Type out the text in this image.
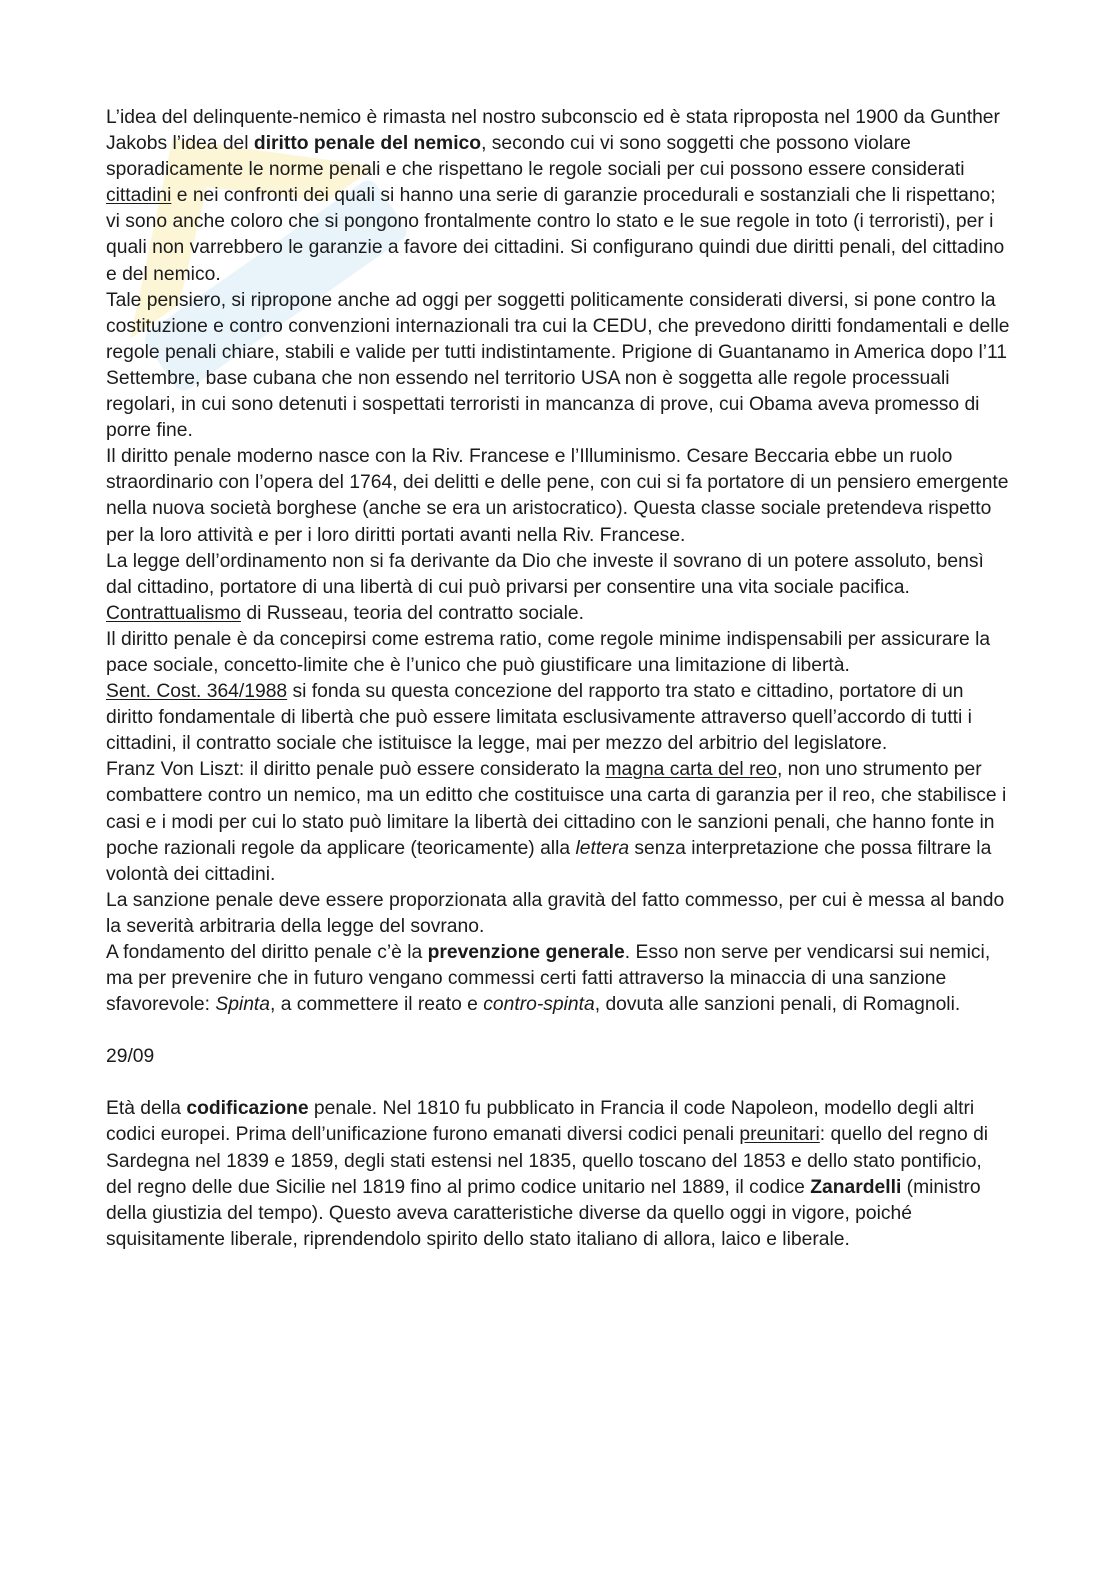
L’idea del delinquente-nemico è rimasta nel nostro subconscio ed è stata riproposta nel 1900 da Gunther Jakobs l’idea del diritto penale del nemico, secondo cui vi sono soggetti che possono violare sporadicamente le norme penali e che rispettano le regole sociali per cui possono essere considerati cittadini e nei confronti dei quali si hanno una serie di garanzie procedurali e sostanziali che li rispettano; vi sono anche coloro che si pongono frontalmente contro lo stato e le sue regole in toto (i terroristi), per i quali non varrebbero le garanzie a favore dei cittadini. Si configurano quindi due diritti penali, del cittadino e del nemico.

Tale pensiero, si ripropone anche ad oggi per soggetti politicamente considerati diversi, si pone contro la costituzione e contro convenzioni internazionali tra cui la CEDU, che prevedono diritti fondamentali e delle regole penali chiare, stabili e valide per tutti indistintamente. Prigione di Guantanamo in America dopo l’11 Settembre, base cubana che non essendo nel territorio USA non è soggetta alle regole processuali regolari, in cui sono detenuti i sospettati terroristi in mancanza di prove, cui Obama aveva promesso di porre fine.

Il diritto penale moderno nasce con la Riv. Francese e l’Illuminismo. Cesare Beccaria ebbe un ruolo straordinario con l’opera del 1764, dei delitti e delle pene, con cui si fa portatore di un pensiero emergente nella nuova società borghese (anche se era un aristocratico). Questa classe sociale pretendeva rispetto per la loro attività e per i loro diritti portati avanti nella Riv. Francese.

La legge dell’ordinamento non si fa derivante da Dio che investe il sovrano di un potere assoluto, bensì dal cittadino, portatore di una libertà di cui può privarsi per consentire una vita sociale pacifica. Contrattualismo di Russeau, teoria del contratto sociale.

Il diritto penale è da concepirsi come estrema ratio, come regole minime indispensabili per assicurare la pace sociale, concetto-limite che è l’unico che può giustificare una limitazione di libertà.

Sent. Cost. 364/1988 si fonda su questa concezione del rapporto tra stato e cittadino, portatore di un diritto fondamentale di libertà che può essere limitata esclusivamente attraverso quell’accordo di tutti i cittadini, il contratto sociale che istituisce la legge, mai per mezzo del arbitrio del legislatore.

Franz Von Liszt: il diritto penale può essere considerato la magna carta del reo, non uno strumento per combattere contro un nemico, ma un editto che costituisce una carta di garanzia per il reo, che stabilisce i casi e i modi per cui lo stato può limitare la libertà dei cittadino con le sanzioni penali, che hanno fonte in poche razionali regole da applicare (teoricamente) alla lettera senza interpretazione che possa filtrare la volontà dei cittadini.

La sanzione penale deve essere proporzionata alla gravità del fatto commesso, per cui è messa al bando la severità arbitraria della legge del sovrano.

A fondamento del diritto penale c’è la prevenzione generale. Esso non serve per vendicarsi sui nemici, ma per prevenire che in futuro vengano commessi certi fatti attraverso la minaccia di una sanzione sfavorevole: Spinta, a commettere il reato e contro-spinta, dovuta alle sanzioni penali, di Romagnoli.

29/09

Età della codificazione penale. Nel 1810 fu pubblicato in Francia il code Napoleon, modello degli altri codici europei. Prima dell’unificazione furono emanati diversi codici penali preunitari: quello del regno di Sardegna nel 1839 e 1859, degli stati estensi nel 1835, quello toscano del 1853 e dello stato pontificio, del regno delle due Sicilie nel 1819 fino al primo codice unitario nel 1889, il codice Zanardelli (ministro della giustizia del tempo). Questo aveva caratteristiche diverse da quello oggi in vigore, poiché squisitamente liberale, riprendendolo spirito dello stato italiano di allora, laico e liberale.
